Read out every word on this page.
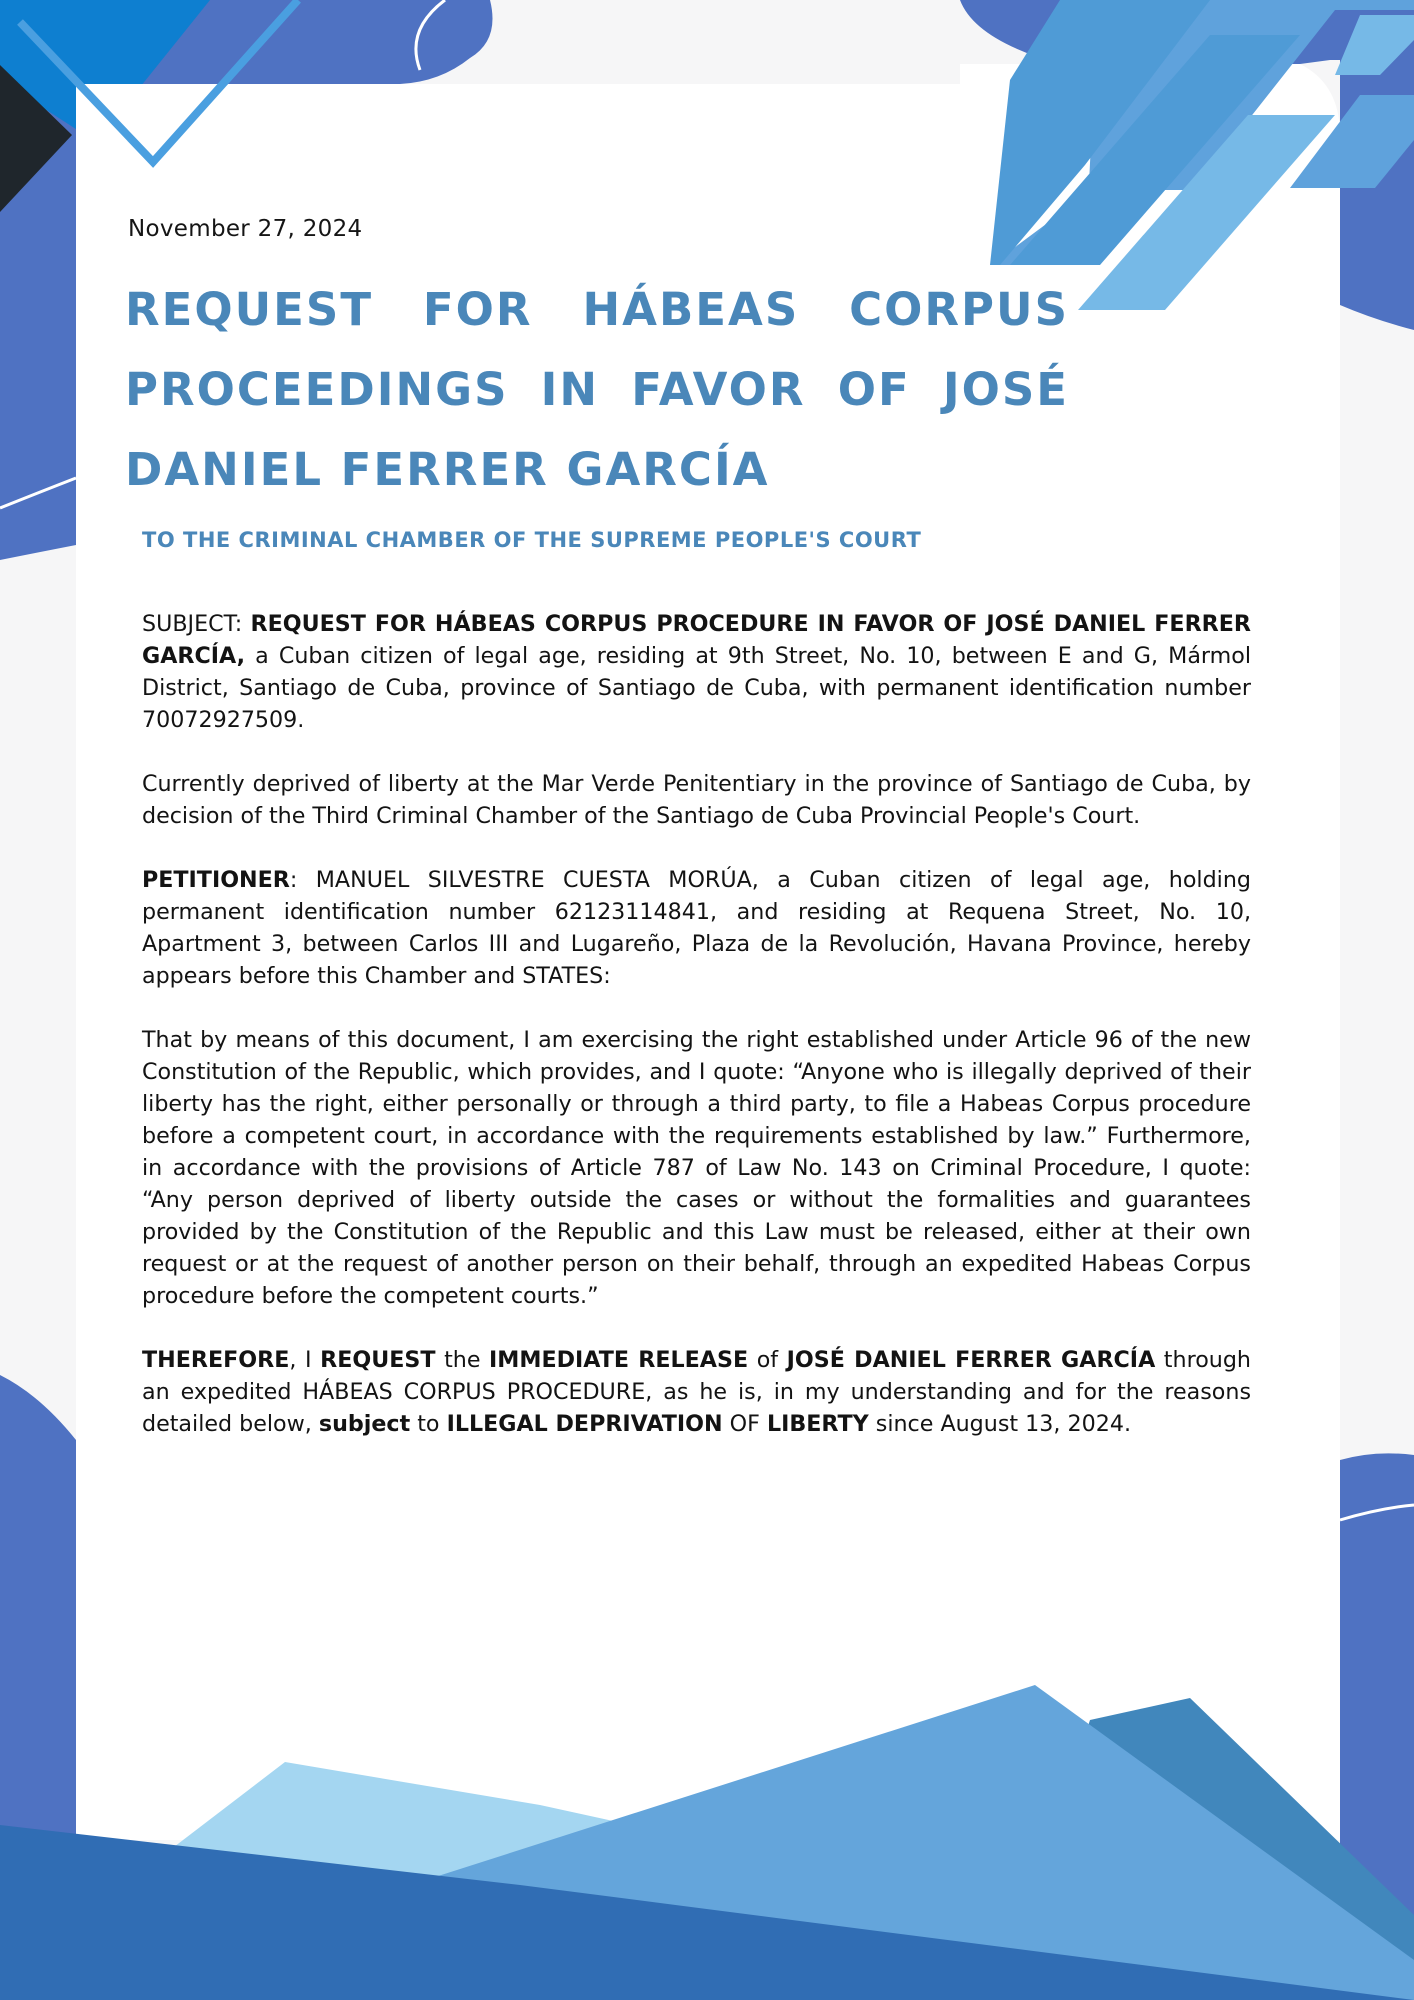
November 27, 2024
REQUEST FOR HÁBEAS CORPUS PROCEEDINGS IN FAVOR OF JOSÉ DANIEL FERRER GARCÍA
TO THE CRIMINAL CHAMBER OF THE SUPREME PEOPLE'S COURT

SUBJECT: REQUEST FOR HÁBEAS CORPUS PROCEDURE IN FAVOR OF JOSÉ DANIEL FERRER GARCÍA, a Cuban citizen of legal age, residing at 9th Street, No. 10, between E and G, Mármol District, Santiago de Cuba, province of Santiago de Cuba, with permanent identification number 70072927509.

Currently deprived of liberty at the Mar Verde Penitentiary in the province of Santiago de Cuba, by decision of the Third Criminal Chamber of the Santiago de Cuba Provincial People's Court.

PETITIONER: MANUEL SILVESTRE CUESTA MORÚA, a Cuban citizen of legal age, holding permanent identification number 62123114841, and residing at Requena Street, No. 10, Apartment 3, between Carlos III and Lugareño, Plaza de la Revolución, Havana Province, hereby appears before this Chamber and STATES:

That by means of this document, I am exercising the right established under Article 96 of the new Constitution of the Republic, which provides, and I quote: “Anyone who is illegally deprived of their liberty has the right, either personally or through a third party, to file a Habeas Corpus procedure before a competent court, in accordance with the requirements established by law.” Furthermore, in accordance with the provisions of Article 787 of Law No. 143 on Criminal Procedure, I quote: “Any person deprived of liberty outside the cases or without the formalities and guarantees provided by the Constitution of the Republic and this Law must be released, either at their own request or at the request of another person on their behalf, through an expedited Habeas Corpus procedure before the competent courts.”

THEREFORE, I REQUEST the IMMEDIATE RELEASE of JOSÉ DANIEL FERRER GARCÍA through an expedited HÁBEAS CORPUS PROCEDURE, as he is, in my understanding and for the reasons detailed below, subject to ILLEGAL DEPRIVATION OF LIBERTY since August 13, 2024.
